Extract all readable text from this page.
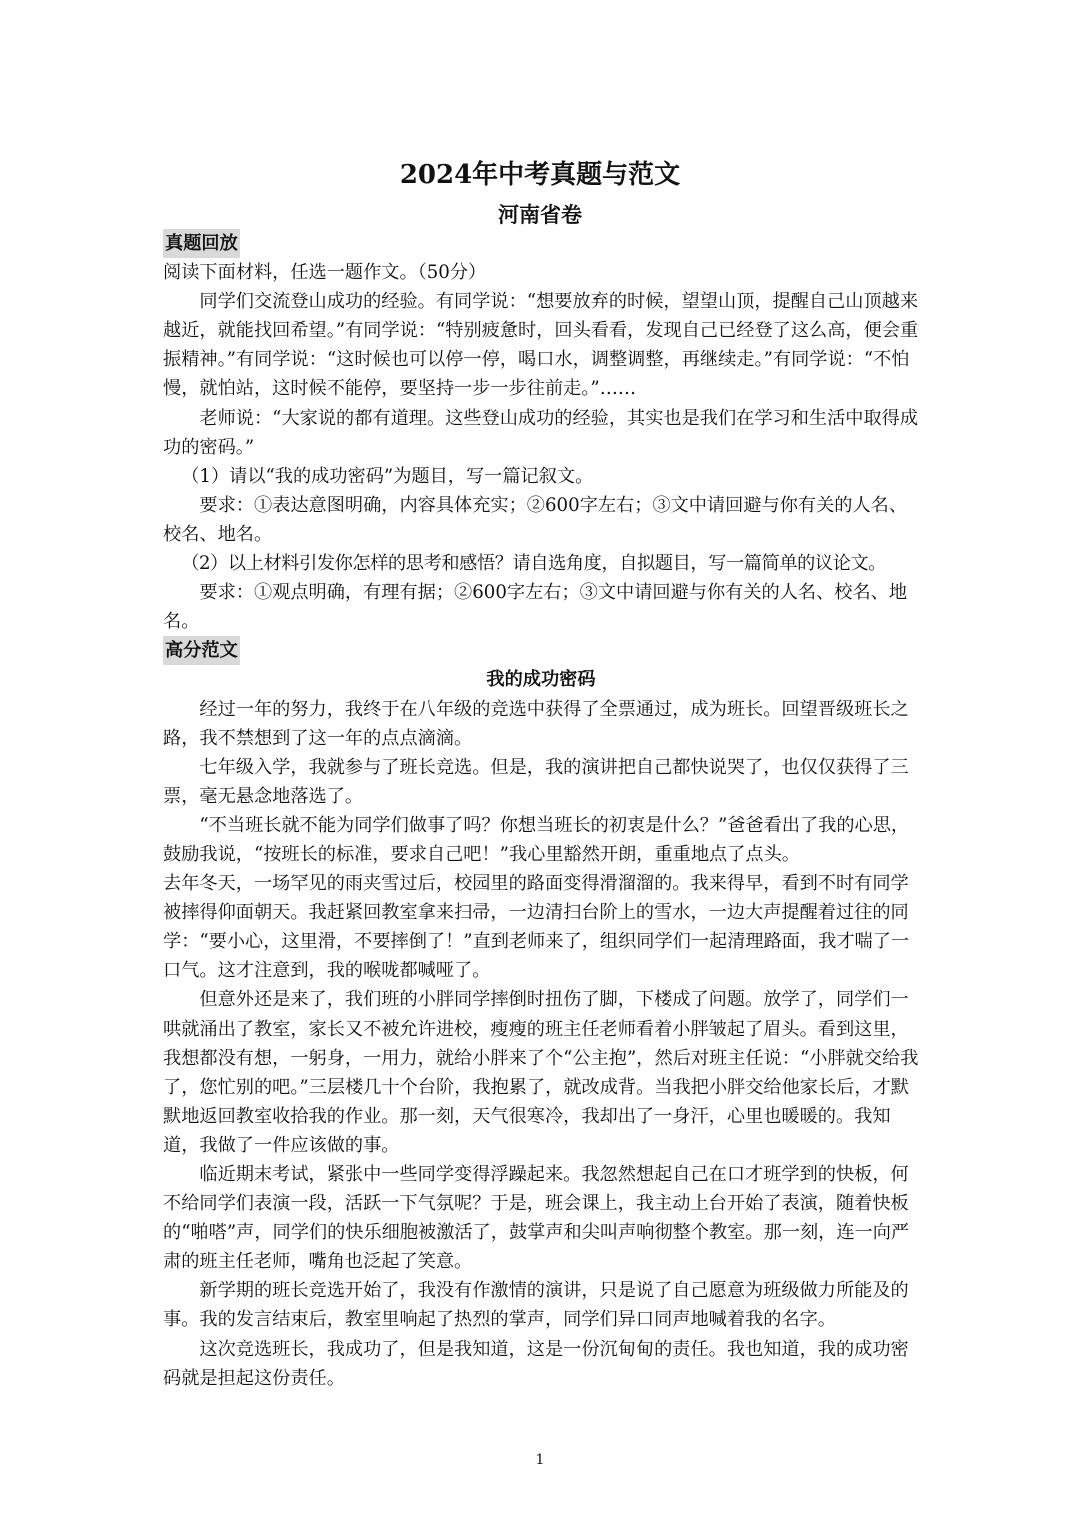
2024年中考真题与范文
河南省卷

真题回放

阅读下面材料，任选一题作文。（50分）

同学们交流登山成功的经验。有同学说：“想要放弃的时候，望望山顶，提醒自己山顶越来越近，就能找回希望。”有同学说：“特别疲惫时，回头看看，发现自己已经登了这么高，便会重振精神。”有同学说：“这时候也可以停一停，喝口水，调整调整，再继续走。”有同学说：“不怕慢，就怕站，这时候不能停，要坚持一步一步往前走。”……

老师说：“大家说的都有道理。这些登山成功的经验，其实也是我们在学习和生活中取得成功的密码。”

（1）请以“我的成功密码”为题目，写一篇记叙文。

要求：①表达意图明确，内容具体充实；②600字左右；③文中请回避与你有关的人名、校名、地名。

（2）以上材料引发你怎样的思考和感悟？请自选角度，自拟题目，写一篇简单的议论文。

要求：①观点明确，有理有据；②600字左右；③文中请回避与你有关的人名、校名、地名。

高分范文

我的成功密码

经过一年的努力，我终于在八年级的竞选中获得了全票通过，成为班长。回望晋级班长之路，我不禁想到了这一年的点点滴滴。

七年级入学，我就参与了班长竞选。但是，我的演讲把自己都快说哭了，也仅仅获得了三票，毫无悬念地落选了。

“不当班长就不能为同学们做事了吗？你想当班长的初衷是什么？”爸爸看出了我的心思，鼓励我说，“按班长的标准，要求自己吧！”我心里豁然开朗，重重地点了点头。

去年冬天，一场罕见的雨夹雪过后，校园里的路面变得滑溜溜的。我来得早，看到不时有同学被摔得仰面朝天。我赶紧回教室拿来扫帚，一边清扫台阶上的雪水，一边大声提醒着过往的同学：“要小心，这里滑，不要摔倒了！”直到老师来了，组织同学们一起清理路面，我才喘了一口气。这才注意到，我的喉咙都喊哑了。

但意外还是来了，我们班的小胖同学摔倒时扭伤了脚，下楼成了问题。放学了，同学们一哄就涌出了教室，家长又不被允许进校，瘦瘦的班主任老师看着小胖皱起了眉头。看到这里，我想都没有想，一躬身，一用力，就给小胖来了个“公主抱”，然后对班主任说：“小胖就交给我了，您忙别的吧。”三层楼几十个台阶，我抱累了，就改成背。当我把小胖交给他家长后，才默默地返回教室收拾我的作业。那一刻，天气很寒冷，我却出了一身汗，心里也暖暖的。我知道，我做了一件应该做的事。

临近期末考试，紧张中一些同学变得浮躁起来。我忽然想起自己在口才班学到的快板，何不给同学们表演一段，活跃一下气氛呢？于是，班会课上，我主动上台开始了表演，随着快板的“啪嗒”声，同学们的快乐细胞被激活了，鼓掌声和尖叫声响彻整个教室。那一刻，连一向严肃的班主任老师，嘴角也泛起了笑意。

新学期的班长竞选开始了，我没有作激情的演讲，只是说了自己愿意为班级做力所能及的事。我的发言结束后，教室里响起了热烈的掌声，同学们异口同声地喊着我的名字。

这次竞选班长，我成功了，但是我知道，这是一份沉甸甸的责任。我也知道，我的成功密码就是担起这份责任。

1
